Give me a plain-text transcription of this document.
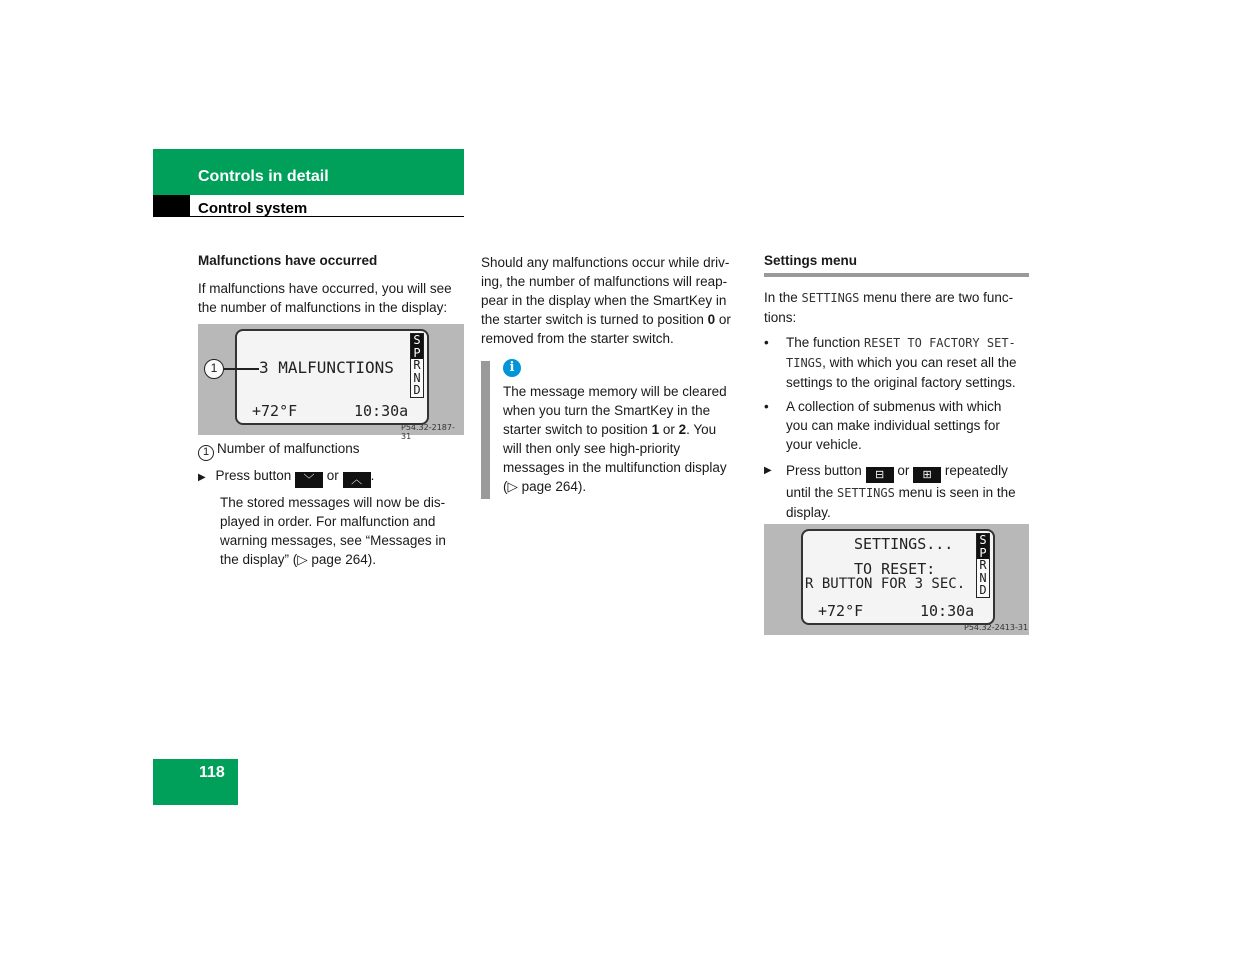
Controls in detail
Control system
Malfunctions have occurred
If malfunctions have occurred, you will see the number of malfunctions in the display:
1	3 MALFUNCTIONS
+72°F	10:30a
S
P
R
N
D
P54.32-2187-31
1 Number of malfunctions
▶ Press button ﹀ or ︿ .
The stored messages will now be dis-
played in order. For malfunction and
warning messages, see “Messages in
the display” (▷ page 264).
Should any malfunctions occur while driv-
ing, the number of malfunctions will reap-
pear in the display when the SmartKey in
the starter switch is turned to position 0 or
removed from the starter switch.
i
The message memory will be cleared
when you turn the SmartKey in the
starter switch to position 1 or 2. You
will then only see high-priority
messages in the multifunction display
(▷ page 264).
Settings menu
In the SETTINGS menu there are two func-
tions:
• The function RESET TO FACTORY SET-
TINGS, with which you can reset all the
settings to the original factory settings.
• A collection of submenus with which
you can make individual settings for
your vehicle.
▶ Press button ⊟ or ⊞ repeatedly
until the SETTINGS menu is seen in the
display.
SETTINGS...
TO RESET:
R BUTTON FOR 3 SEC.
+72°F	10:30a
S
P
R
N
D
P54.32-2413-31
118
